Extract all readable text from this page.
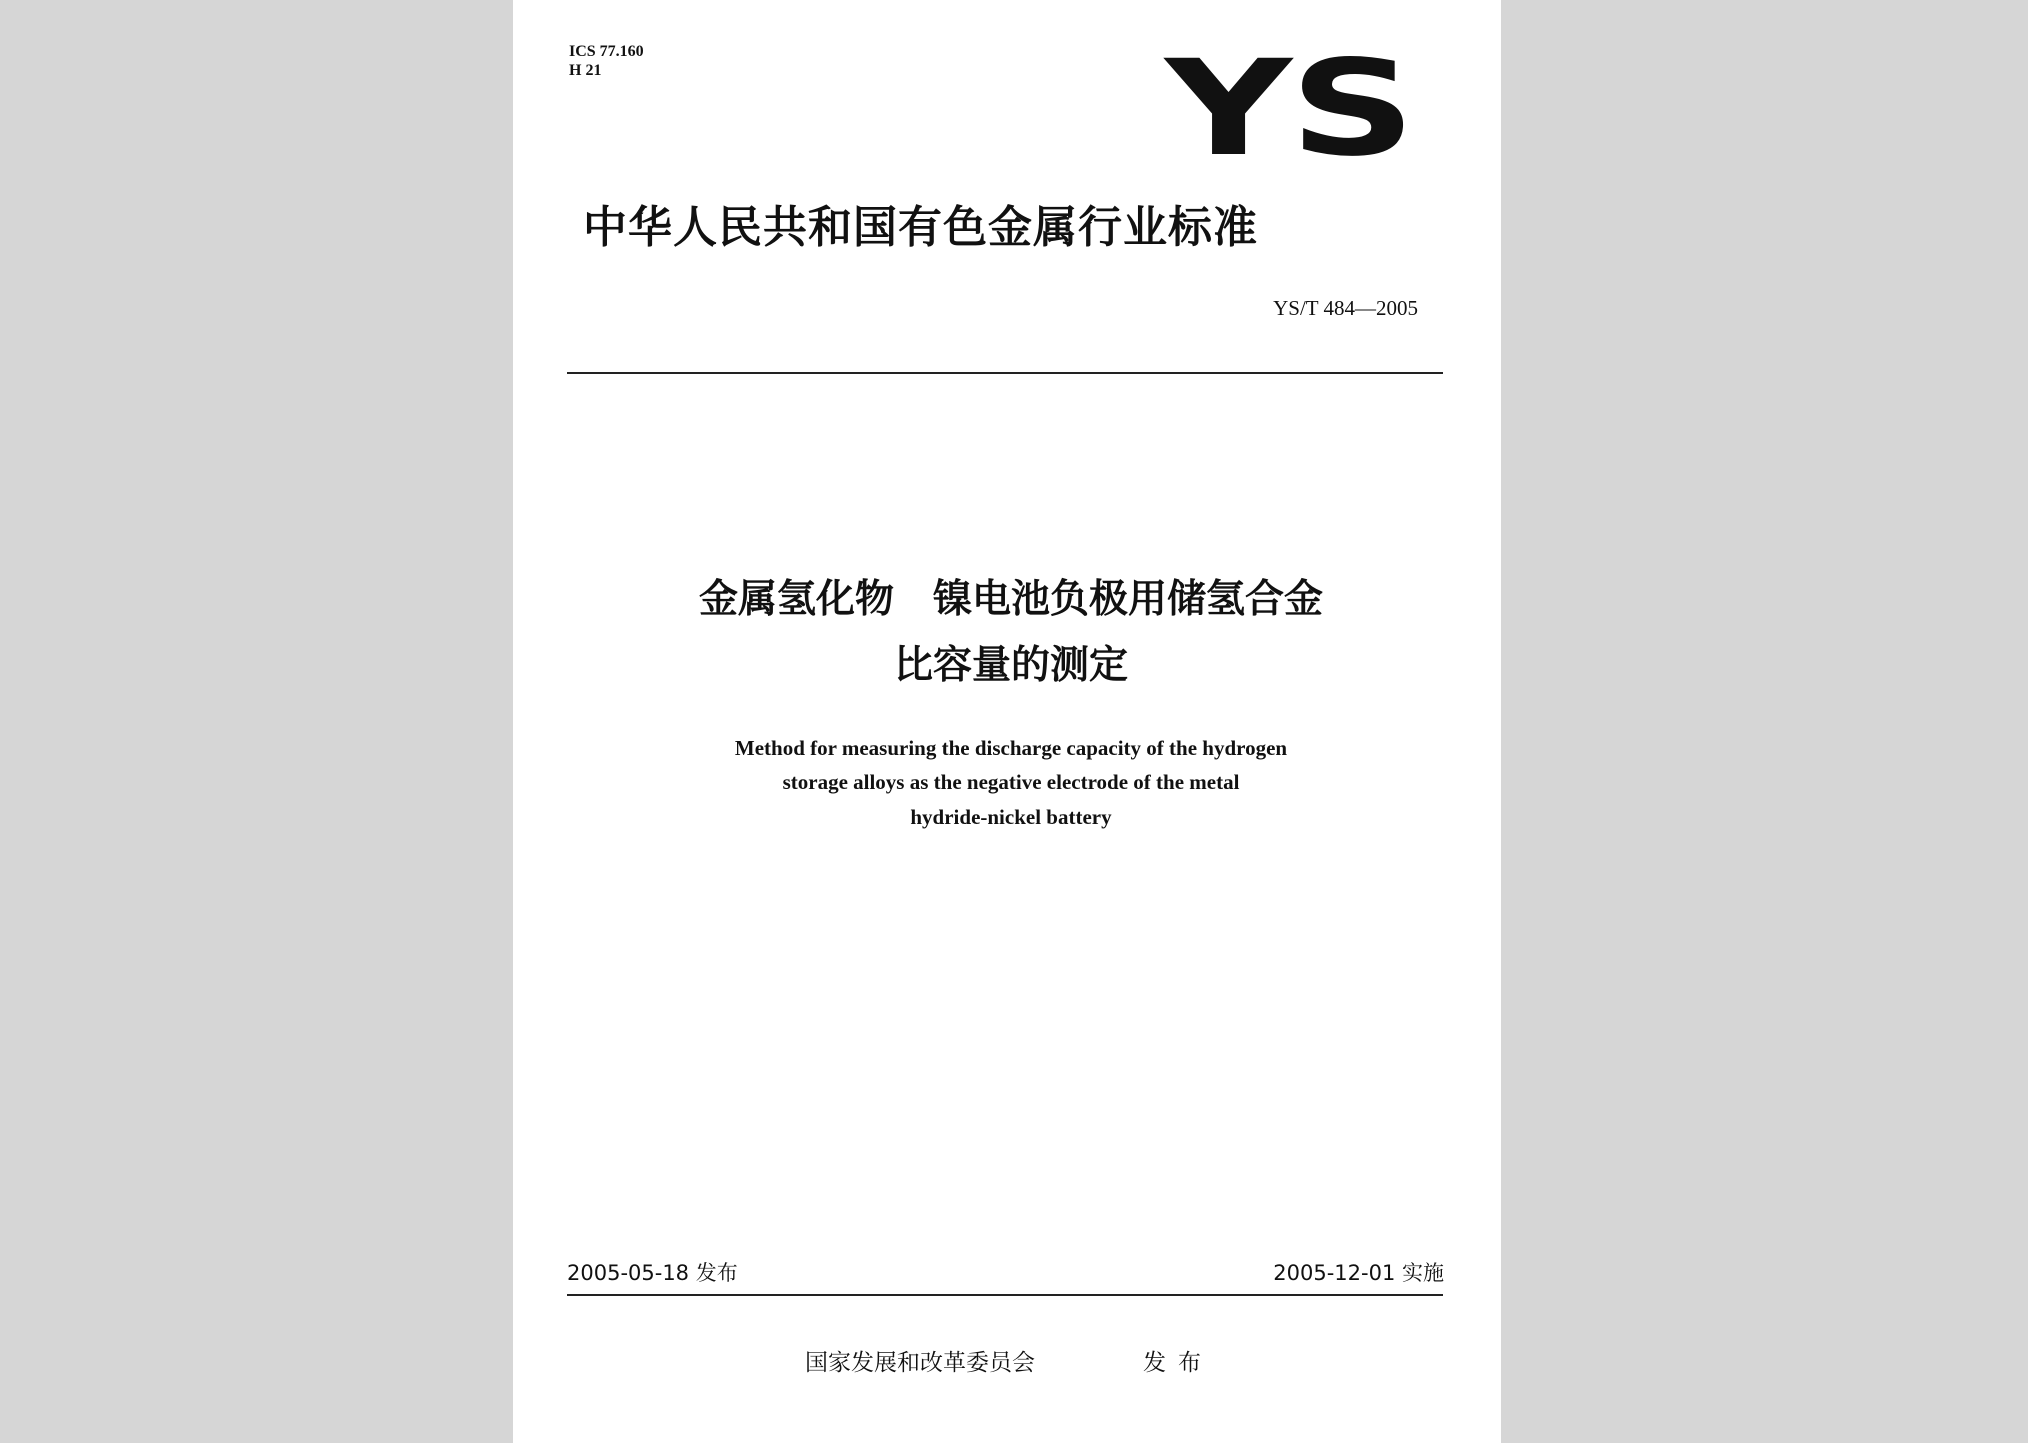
ICS 77.160
H 21	YS
中华人民共和国有色金属行业标准
YS/T 484—2005
金属氢化物　镍电池负极用储氢合金
比容量的测定
Method for measuring the discharge capacity of the hydrogen
storage alloys as the negative electrode of the metal
hydride-nickel battery
2005-05-18 发布	2005-12-01 实施
国家发展和改革委员会	发布
